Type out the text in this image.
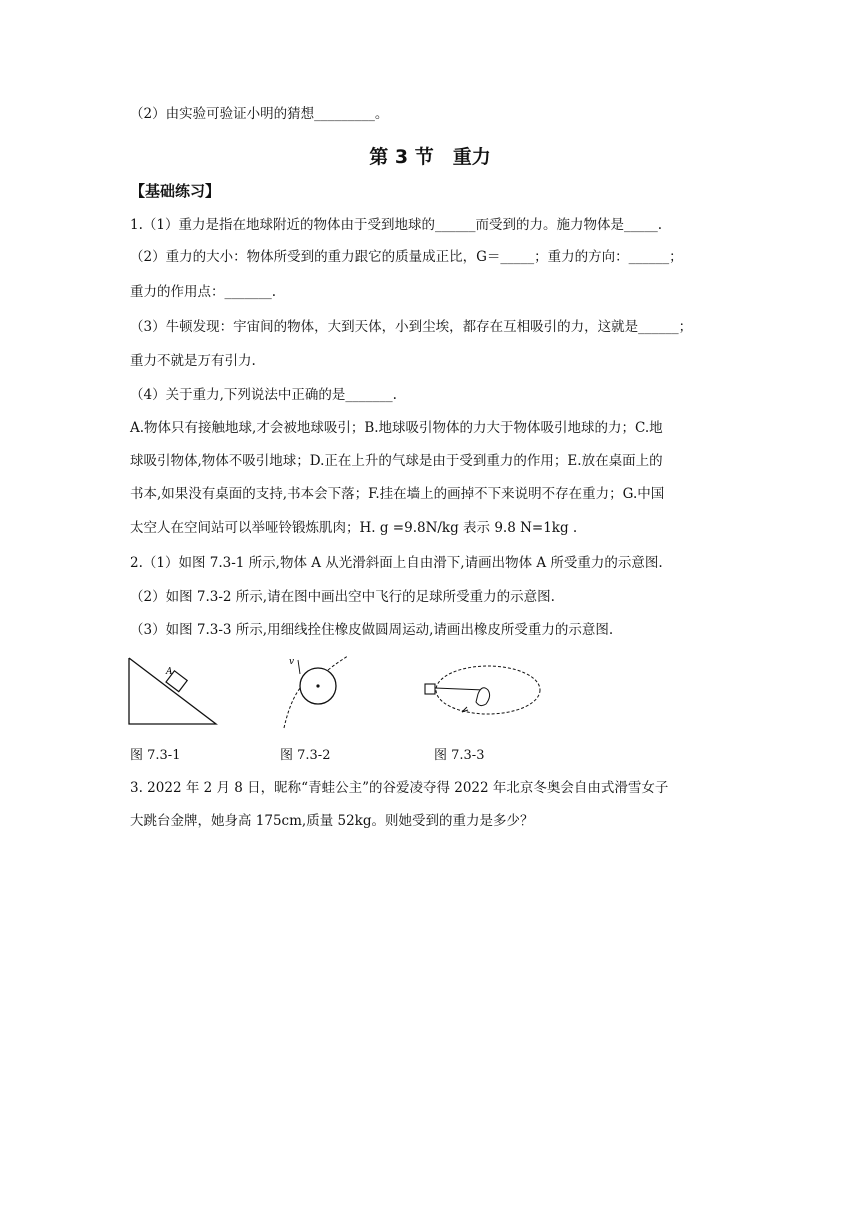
（2）由实验可验证小明的猜想_________。
第 3 节　重力
【基础练习】
1.（1）重力是指在地球附近的物体由于受到地球的______而受到的力。施力物体是_____.
（2）重力的大小：物体所受到的重力跟它的质量成正比，G＝_____；重力的方向：______；
重力的作用点：_______.
（3）牛顿发现：宇宙间的物体，大到天体，小到尘埃，都存在互相吸引的力，这就是______；
重力不就是万有引力.
（4）关于重力,下列说法中正确的是_______.
A.物体只有接触地球,才会被地球吸引；B.地球吸引物体的力大于物体吸引地球的力；C.地
球吸引物体,物体不吸引地球；D.正在上升的气球是由于受到重力的作用；E.放在桌面上的
书本,如果没有桌面的支持,书本会下落；F.挂在墙上的画掉不下来说明不存在重力；G.中国
太空人在空间站可以举哑铃锻炼肌肉；H. g =9.8N/kg 表示 9.8 N=1kg .
2.（1）如图 7.3-1 所示,物体 A 从光滑斜面上自由滑下,请画出物体 A 所受重力的示意图.
（2）如图 7.3-2 所示,请在图中画出空中飞行的足球所受重力的示意图.
（3）如图 7.3-3 所示,用细线拴住橡皮做圆周运动,请画出橡皮所受重力的示意图.
A
v
图 7.3-1	图 7.3-2	图 7.3-3
3. 2022 年 2 月 8 日，昵称“青蛙公主”的谷爱凌夺得 2022 年北京冬奥会自由式滑雪女子
大跳台金牌，她身高 175cm,质量 52kg。则她受到的重力是多少？
